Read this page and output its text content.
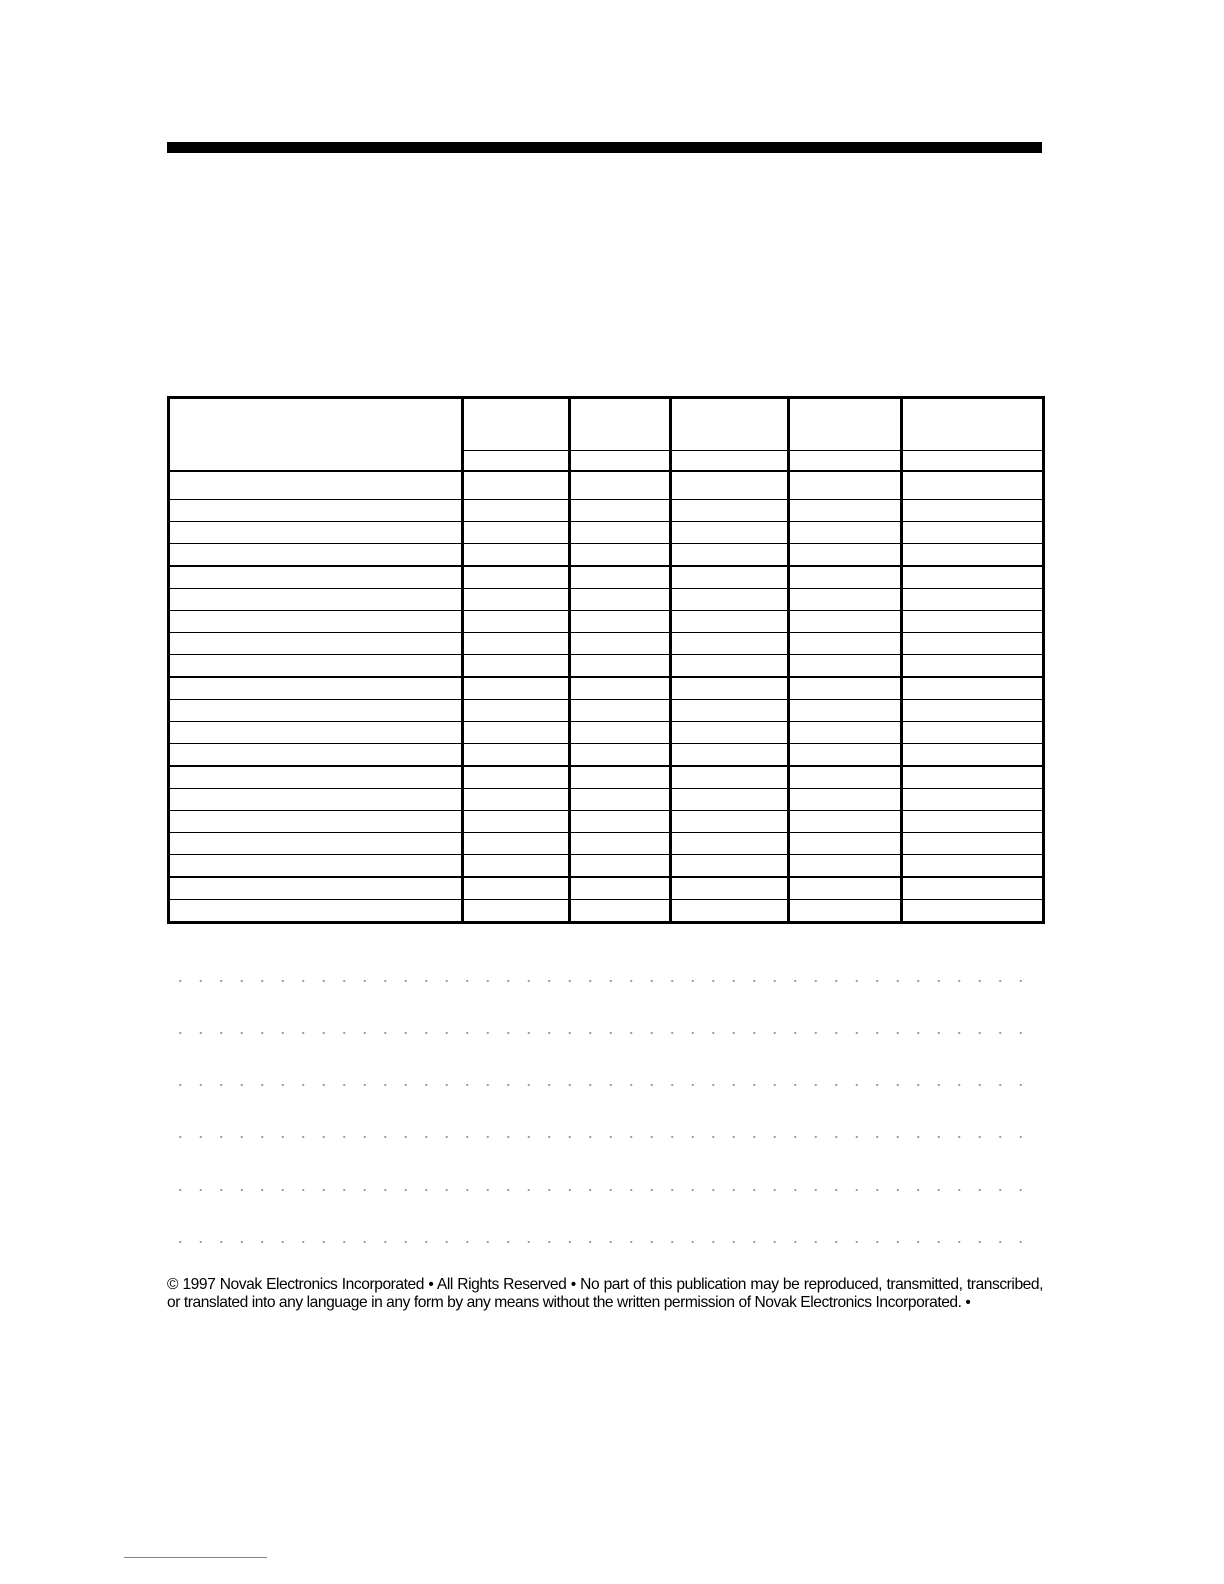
© 1997 Novak Electronics Incorporated • All Rights Reserved • No part of this publication may be reproduced, transmitted, transcribed, or translated into any language in any form by any means without the written permission of Novak Electronics Incorporated. •
